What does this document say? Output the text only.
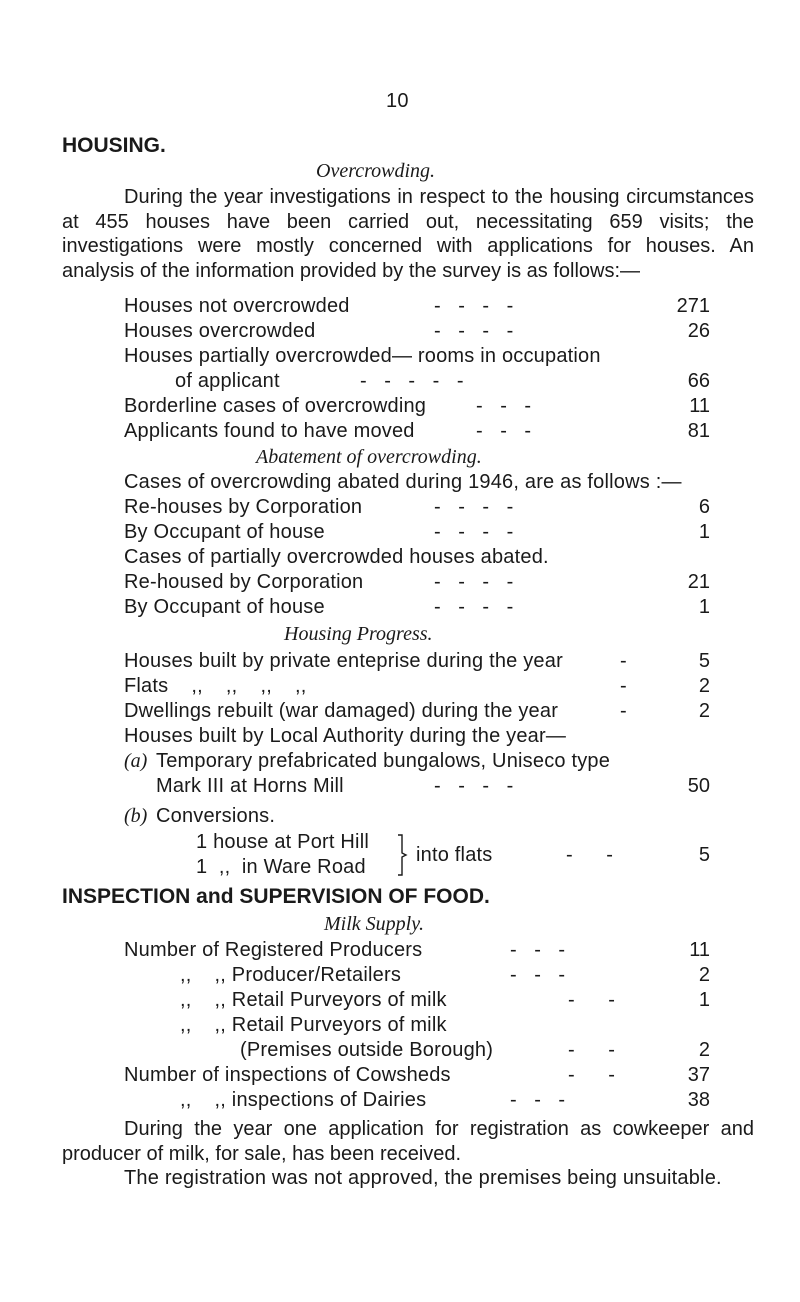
10
HOUSING.
Overcrowding.
During the year investigations in respect to the housing circumstances at 455 houses have been carried out, necessitating 659 visits; the investigations were mostly concerned with applications for houses. An analysis of the information provided by the survey is as follows:—
Houses not overcrowded	- - - -	271
Houses overcrowded	- - - -	26
Houses partially overcrowded— rooms in occupation
of applicant	- - - - -	66
Borderline cases of overcrowding - - -	11
Applicants found to have moved	- - -	81
Abatement of overcrowding.
Cases of overcrowding abated during 1946, are as follows :—
Re-houses by Corporation	- - - -	6
By Occupant of house	- - - -	1
Cases of partially overcrowded houses abated.
Re-housed by Corporation	- - - -	21
By Occupant of house	- - - -	1
Housing Progress.
Houses built by private enteprise during the year	-	5
Flats    ,,    ,,    ,,    ,,	-	2
Dwellings rebuilt (war damaged) during the year	-	2
Houses built by Local Authority during the year—
(a) Temporary prefabricated bungalows, Uniseco type
Mark III at Horns Mill	- - - -	50
(b) Conversions.
1 house at Port Hill
1  ,,  in Ware Road
into flats	- -	5
INSPECTION and SUPERVISION OF FOOD.
Milk Supply.
Number of Registered Producers	- - -	11
,,    ,, Producer/Retailers	- - -	2
,,    ,, Retail Purveyors of milk	- -	1
,,    ,, Retail Purveyors of milk
(Premises outside Borough)	- -	2
Number of inspections of Cowsheds	- -	37
,,    ,, inspections of Dairies	- - -	38
During the year one application for registration as cowkeeper and producer of milk, for sale, has been received.
The registration was not approved, the premises being unsuitable.
